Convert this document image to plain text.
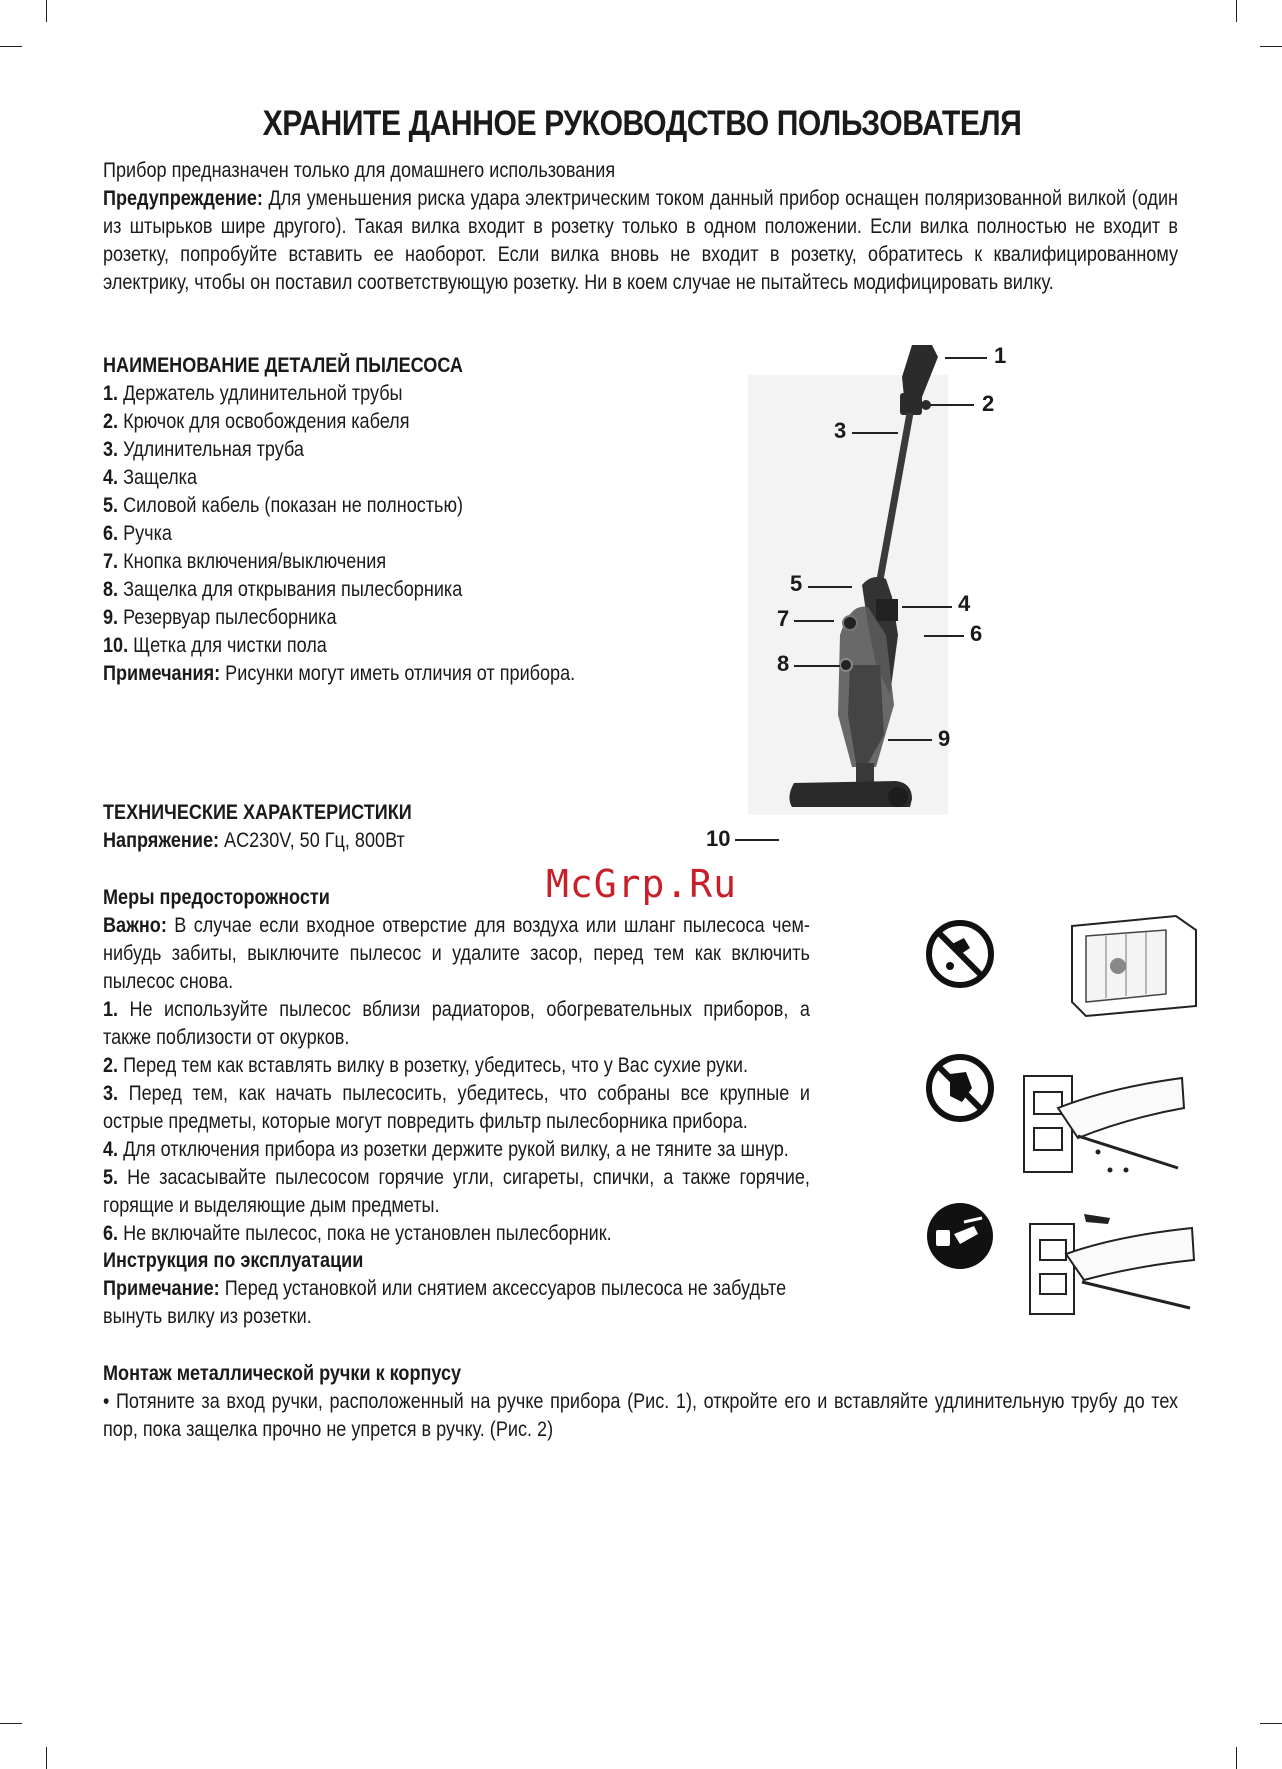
ХРАНИТЕ ДАННОЕ РУКОВОДСТВО ПОЛЬЗОВАТЕЛЯ
Прибор предназначен только для домашнего использования
Предупреждение: Для уменьшения риска удара электрическим током данный прибор оснащен поляризованной вилкой (один из штырьков шире другого). Такая вилка входит в розетку только в одном положении. Если вилка полностью не входит в розетку, попробуйте вставить ее наоборот. Если вилка вновь не входит в розетку, обратитесь к квалифицированному электрику, чтобы он поставил соответствующую розетку. Ни в коем случае не пытайтесь модифицировать вилку.
НАИМЕНОВАНИЕ ДЕТАЛЕЙ ПЫЛЕСОСА
1. Держатель удлинительной трубы
2. Крючок для освобождения кабеля
3. Удлинительная труба
4. Защелка
5. Силовой кабель (показан не полностью)
6. Ручка
7. Кнопка включения/выключения
8. Защелка для открывания пылесборника
9. Резервуар пылесборника
10. Щетка для чистки пола
Примечания: Рисунки могут иметь отличия от прибора.
ТЕХНИЧЕСКИЕ ХАРАКТЕРИСТИКИ
Напряжение: AC230V, 50 Гц, 800Вт
Меры предосторожности
Важно: В случае если входное отверстие для воздуха или шланг пылесоса чем-нибудь забиты, выключите пылесос и удалите засор, перед тем как включить пылесос снова.
1. Не используйте пылесос вблизи радиаторов, обогревательных приборов, а также поблизости от окурков.
2. Перед тем как вставлять вилку в розетку, убедитесь, что у Вас сухие руки.
3. Перед тем, как начать пылесосить, убедитесь, что собраны все крупные и острые предметы, которые могут повредить фильтр пылесборника прибора.
4. Для отключения прибора из розетки держите рукой вилку, а не тяните за шнур.
5. Не засасывайте пылесосом горячие угли, сигареты, спички, а также горячие, горящие и выделяющие дым предметы.
6. Не включайте пылесос, пока не установлен пылесборник.
Инструкция по эксплуатации
Примечание: Перед установкой или снятием аксессуаров пылесоса не забудьте вынуть вилку из розетки.
Монтаж металлической ручки к корпусу
• Потяните за вход ручки, расположенный на ручке прибора (Рис. 1), откройте его и вставляйте удлинительную трубу до тех пор, пока защелка прочно не упрется в ручку. (Рис. 2)
1
2
3
4
5
6
7
8
9
10
McGrp.Ru
